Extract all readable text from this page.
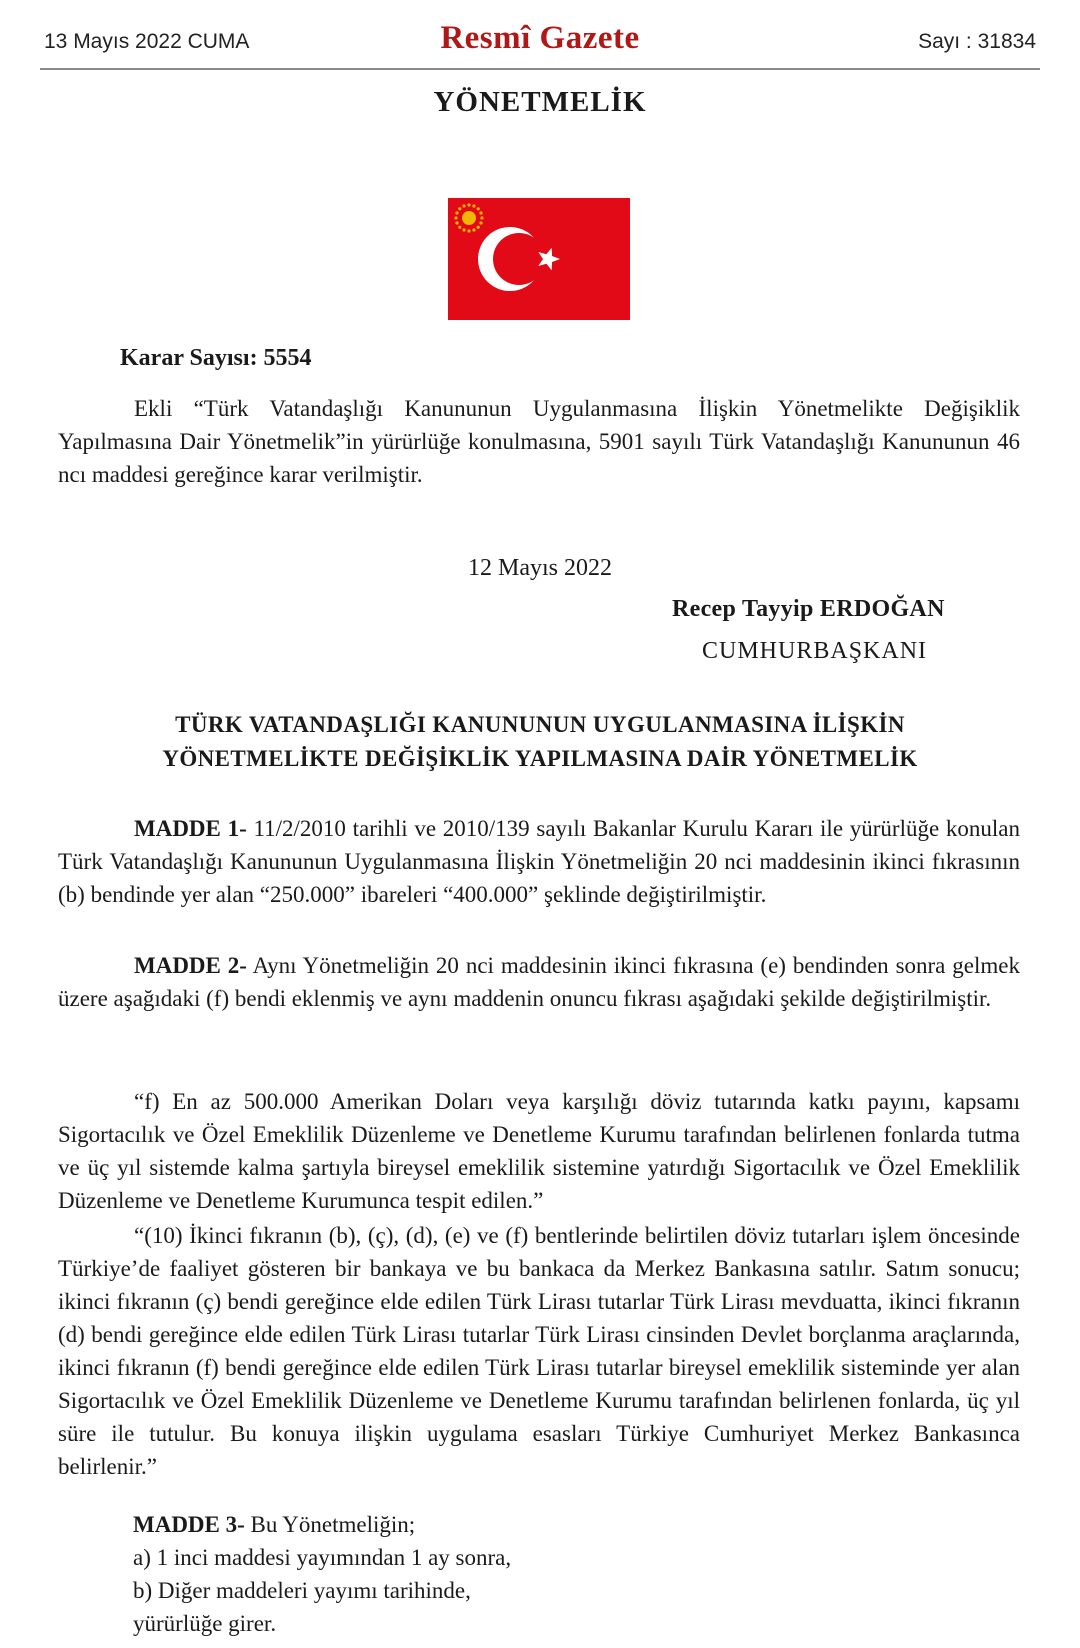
13 Mayıs 2022 CUMA	Resmî Gazete	Sayı : 31834
YÖNETMELİK
Karar Sayısı: 5554
Ekli “Türk Vatandaşlığı Kanununun Uygulanmasına İlişkin Yönetmelikte Değişiklik Yapılmasına Dair Yönetmelik”in yürürlüğe konulmasına, 5901 sayılı Türk Vatandaşlığı Kanununun 46 ncı maddesi gereğince karar verilmiştir.
12 Mayıs 2022
Recep Tayyip ERDOĞAN
CUMHURBAŞKANI
TÜRK VATANDAŞLIĞI KANUNUNUN UYGULANMASINA İLİŞKİN
YÖNETMELİKTE DEĞİŞİKLİK YAPILMASINA DAİR YÖNETMELİK
MADDE 1- 11/2/2010 tarihli ve 2010/139 sayılı Bakanlar Kurulu Kararı ile yürürlüğe konulan Türk Vatandaşlığı Kanununun Uygulanmasına İlişkin Yönetmeliğin 20 nci maddesinin ikinci fıkrasının (b) bendinde yer alan “250.000” ibareleri “400.000” şeklinde değiştirilmiştir.
MADDE 2- Aynı Yönetmeliğin 20 nci maddesinin ikinci fıkrasına (e) bendinden sonra gelmek üzere aşağıdaki (f) bendi eklenmiş ve aynı maddenin onuncu fıkrası aşağıdaki şekilde değiştirilmiştir.
“f) En az 500.000 Amerikan Doları veya karşılığı döviz tutarında katkı payını, kapsamı Sigortacılık ve Özel Emeklilik Düzenleme ve Denetleme Kurumu tarafından belirlenen fonlarda tutma ve üç yıl sistemde kalma şartıyla bireysel emeklilik sistemine yatırdığı Sigortacılık ve Özel Emeklilik Düzenleme ve Denetleme Kurumunca tespit edilen.”
“(10) İkinci fıkranın (b), (ç), (d), (e) ve (f) bentlerinde belirtilen döviz tutarları işlem öncesinde Türkiye’de faaliyet gösteren bir bankaya ve bu bankaca da Merkez Bankasına satılır. Satım sonucu; ikinci fıkranın (ç) bendi gereğince elde edilen Türk Lirası tutarlar Türk Lirası mevduatta, ikinci fıkranın (d) bendi gereğince elde edilen Türk Lirası tutarlar Türk Lirası cinsinden Devlet borçlanma araçlarında, ikinci fıkranın (f) bendi gereğince elde edilen Türk Lirası tutarlar bireysel emeklilik sisteminde yer alan Sigortacılık ve Özel Emeklilik Düzenleme ve Denetleme Kurumu tarafından belirlenen fonlarda, üç yıl süre ile tutulur. Bu konuya ilişkin uygulama esasları Türkiye Cumhuriyet Merkez Bankasınca belirlenir.”
MADDE 3- Bu Yönetmeliğin;
a) 1 inci maddesi yayımından 1 ay sonra,
b) Diğer maddeleri yayımı tarihinde,
yürürlüğe girer.
